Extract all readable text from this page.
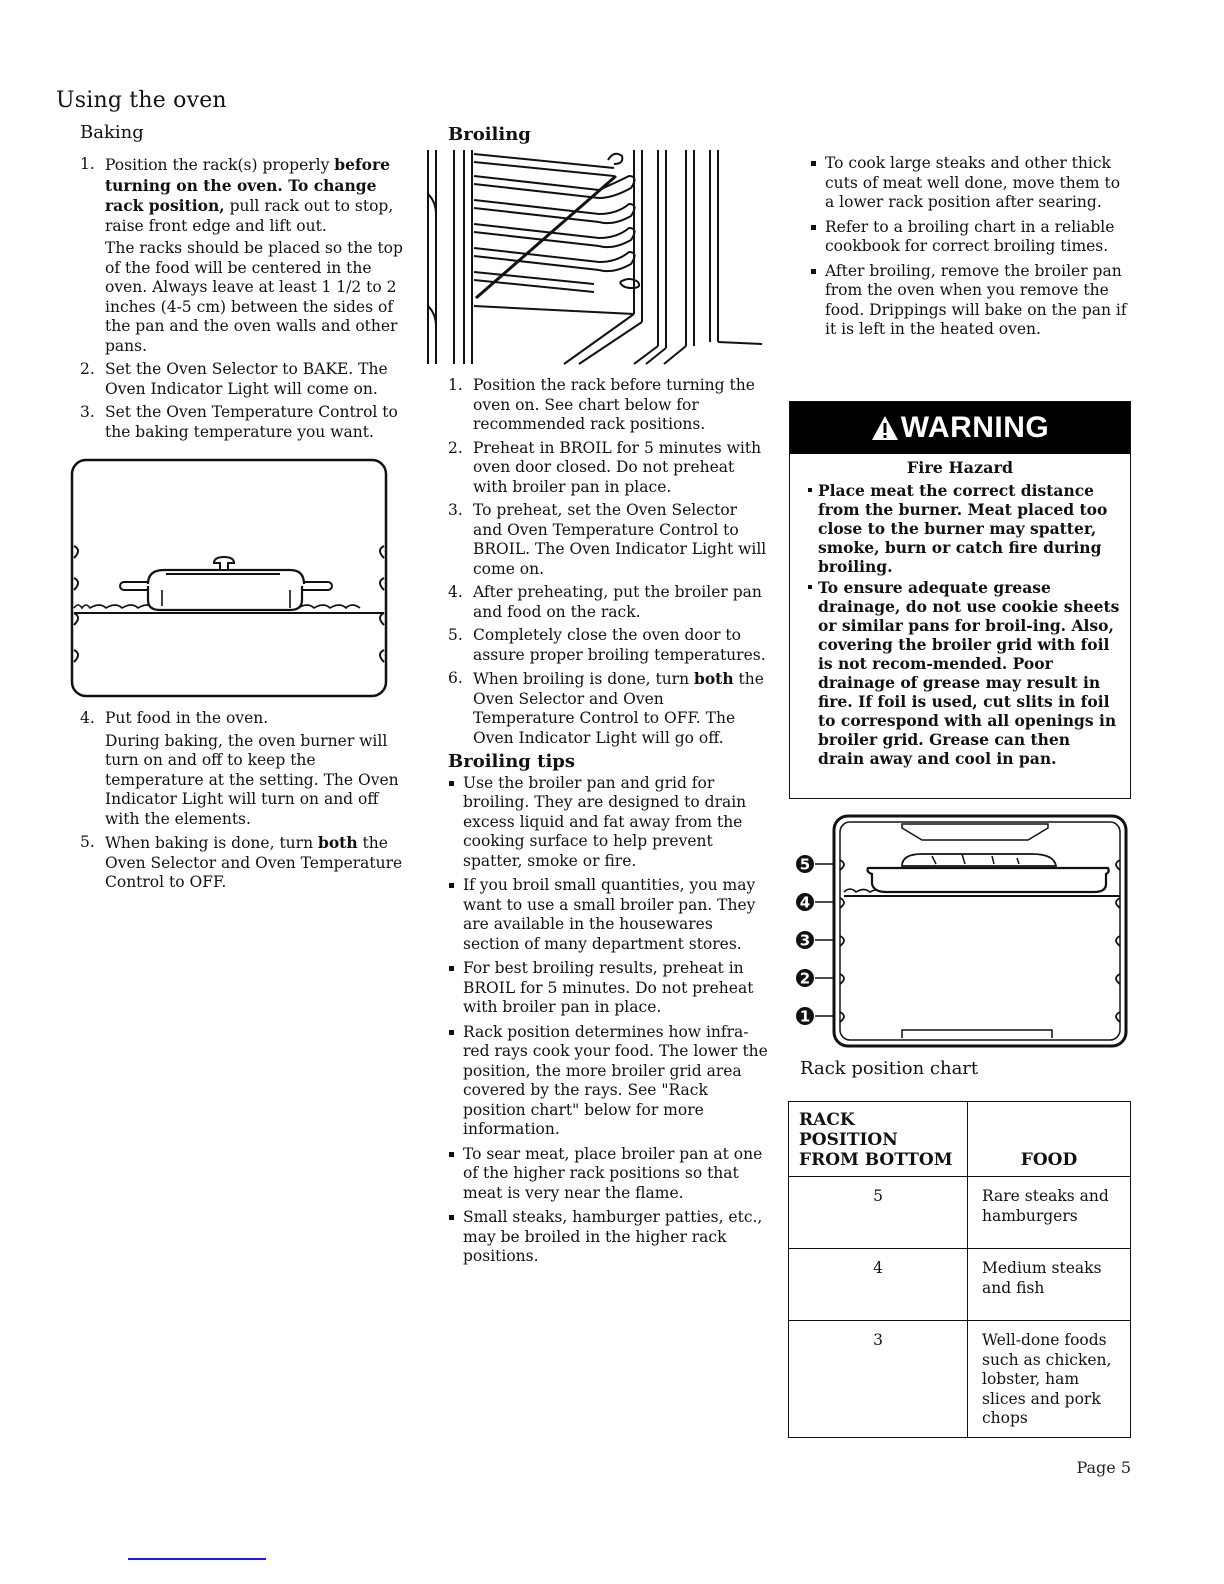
Using the oven
Baking
1. Position the rack(s) properly before turning on the oven. To change rack position, pull rack out to stop, raise front edge and lift out.

The racks should be placed so the top of the food will be centered in the oven. Always leave at least 1 1/2 to 2 inches (4-5 cm) between the sides of the pan and the oven walls and other pans.

2. Set the Oven Selector to BAKE. The Oven Indicator Light will come on.

3. Set the Oven Temperature Control to the baking temperature you want.

4. Put food in the oven.

During baking, the oven burner will turn on and off to keep the temperature at the setting. The Oven Indicator Light will turn on and off with the elements.

5. When baking is done, turn both the Oven Selector and Oven Temperature Control to OFF.

Broiling
1. Position the rack before turning the oven on. See chart below for recommended rack positions.

2. Preheat in BROIL for 5 minutes with oven door closed. Do not preheat with broiler pan in place.

3. To preheat, set the Oven Selector and Oven Temperature Control to BROIL. The Oven Indicator Light will come on.

4. After preheating, put the broiler pan and food on the rack.

5. Completely close the oven door to assure proper broiling temperatures.

6. When broiling is done, turn both the Oven Selector and Oven Temperature Control to OFF. The Oven Indicator Light will go off.

Broiling tips
Use the broiler pan and grid for broiling. They are designed to drain excess liquid and fat away from the cooking surface to help prevent spatter, smoke or fire.
If you broil small quantities, you may want to use a small broiler pan. They are available in the housewares section of many department stores.
For best broiling results, preheat in BROIL for 5 minutes. Do not preheat with broiler pan in place.
Rack position determines how infra-red rays cook your food. The lower the position, the more broiler grid area covered by the rays. See "Rack position chart" below for more information.
To sear meat, place broiler pan at one of the higher rack positions so that meat is very near the flame.
Small steaks, hamburger patties, etc., may be broiled in the higher rack positions.
To cook large steaks and other thick cuts of meat well done, move them to a lower rack position after searing.
Refer to a broiling chart in a reliable cookbook for correct broiling times.
After broiling, remove the broiler pan from the oven when you remove the food. Drippings will bake on the pan if it is left in the heated oven.
WARNING
Fire Hazard
Place meat the correct distance from the burner. Meat placed too close to the burner may spatter, smoke, burn or catch fire during broiling.
To ensure adequate grease drainage, do not use cookie sheets or similar pans for broil-ing. Also, covering the broiler grid with foil is not recom-mended. Poor drainage of grease may result in fire. If foil is used, cut slits in foil to correspond with all openings in broiler grid. Grease can then drain away and cool in pan.
5
4
3
2
1
Rack position chart
RACK POSITION
FROM BOTTOM	FOOD
5	Rare steaks and hamburgers
4	Medium steaks and fish
3	Well-done foods such as chicken, lobster, ham slices and pork chops
Page 5
